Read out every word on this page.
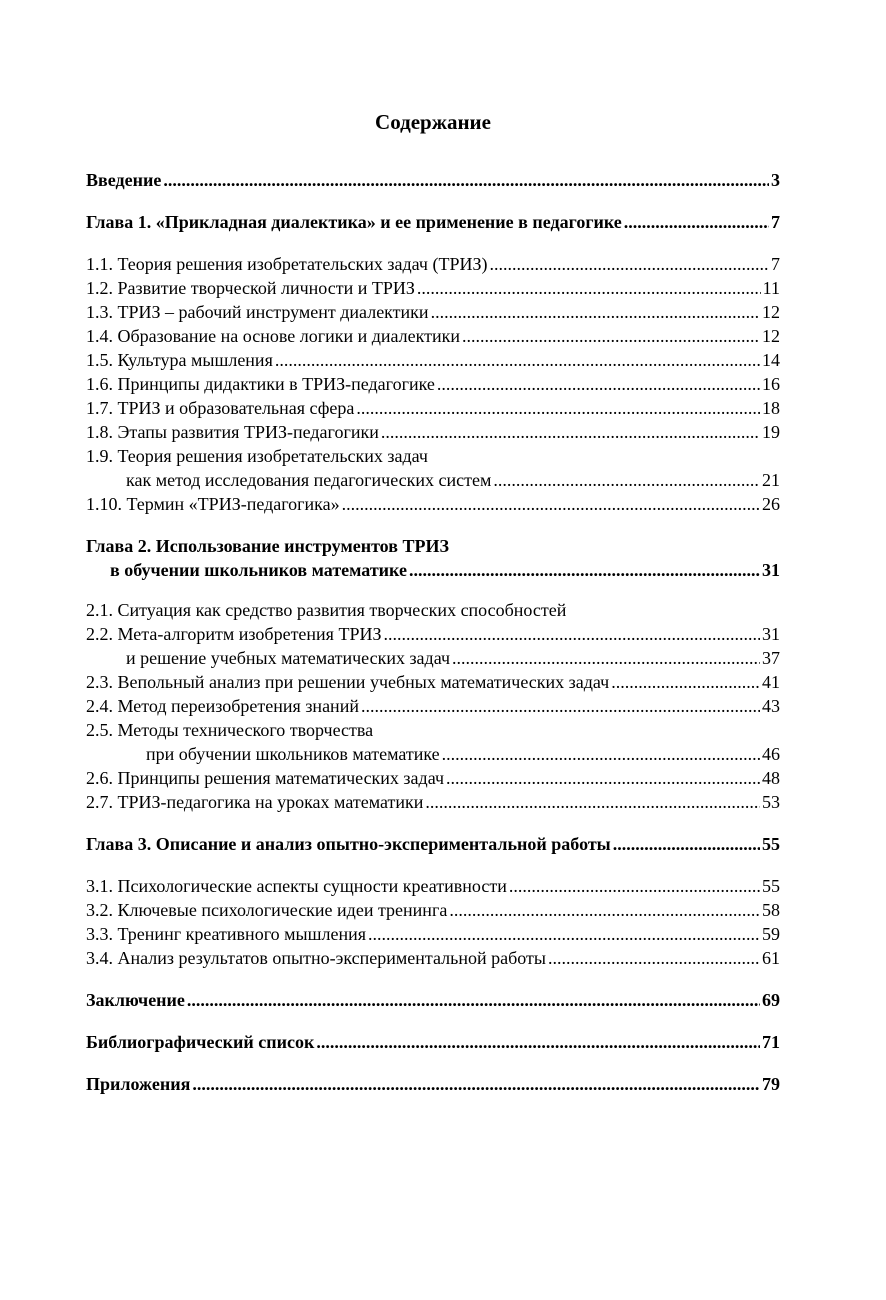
Содержание
Введение .....	3
Глава 1. «Прикладная диалектика» и ее применение в педагогике .....	7
1.1. Теория решения изобретательских задач (ТРИЗ) .....	7
1.2. Развитие творческой личности и ТРИЗ .....	11
1.3. ТРИЗ – рабочий инструмент диалектики .....	12
1.4. Образование на основе логики и диалектики .....	12
1.5. Культура мышления .....	14
1.6. Принципы дидактики в ТРИЗ-педагогике .....	16
1.7. ТРИЗ и образовательная сфера .....	18
1.8. Этапы развития ТРИЗ-педагогики .....	19
1.9. Теория решения изобретательских задач
как метод исследования педагогических систем .....	21
1.10. Термин «ТРИЗ-педагогика» .....	26
Глава 2. Использование инструментов ТРИЗ
в обучении школьников математике .....	31
2.1. Ситуация как средство развития творческих способностей
2.2. Мета-алгоритм изобретения ТРИЗ .....	31
и решение учебных математических задач .....	37
2.3. Вепольный анализ при решении учебных математических задач .....	41
2.4. Метод переизобретения знаний .....	43
2.5. Методы технического творчества
при обучении школьников математике .....	46
2.6. Принципы решения математических задач .....	48
2.7. ТРИЗ-педагогика на уроках математики .....	53
Глава 3. Описание и анализ опытно-экспериментальной работы .....	55
3.1. Психологические аспекты сущности креативности .....	55
3.2. Ключевые психологические идеи тренинга .....	58
3.3. Тренинг креативного мышления .....	59
3.4. Анализ результатов опытно-экспериментальной работы .....	61
Заключение .....	69
Библиографический список .....	71
Приложения .....	79
